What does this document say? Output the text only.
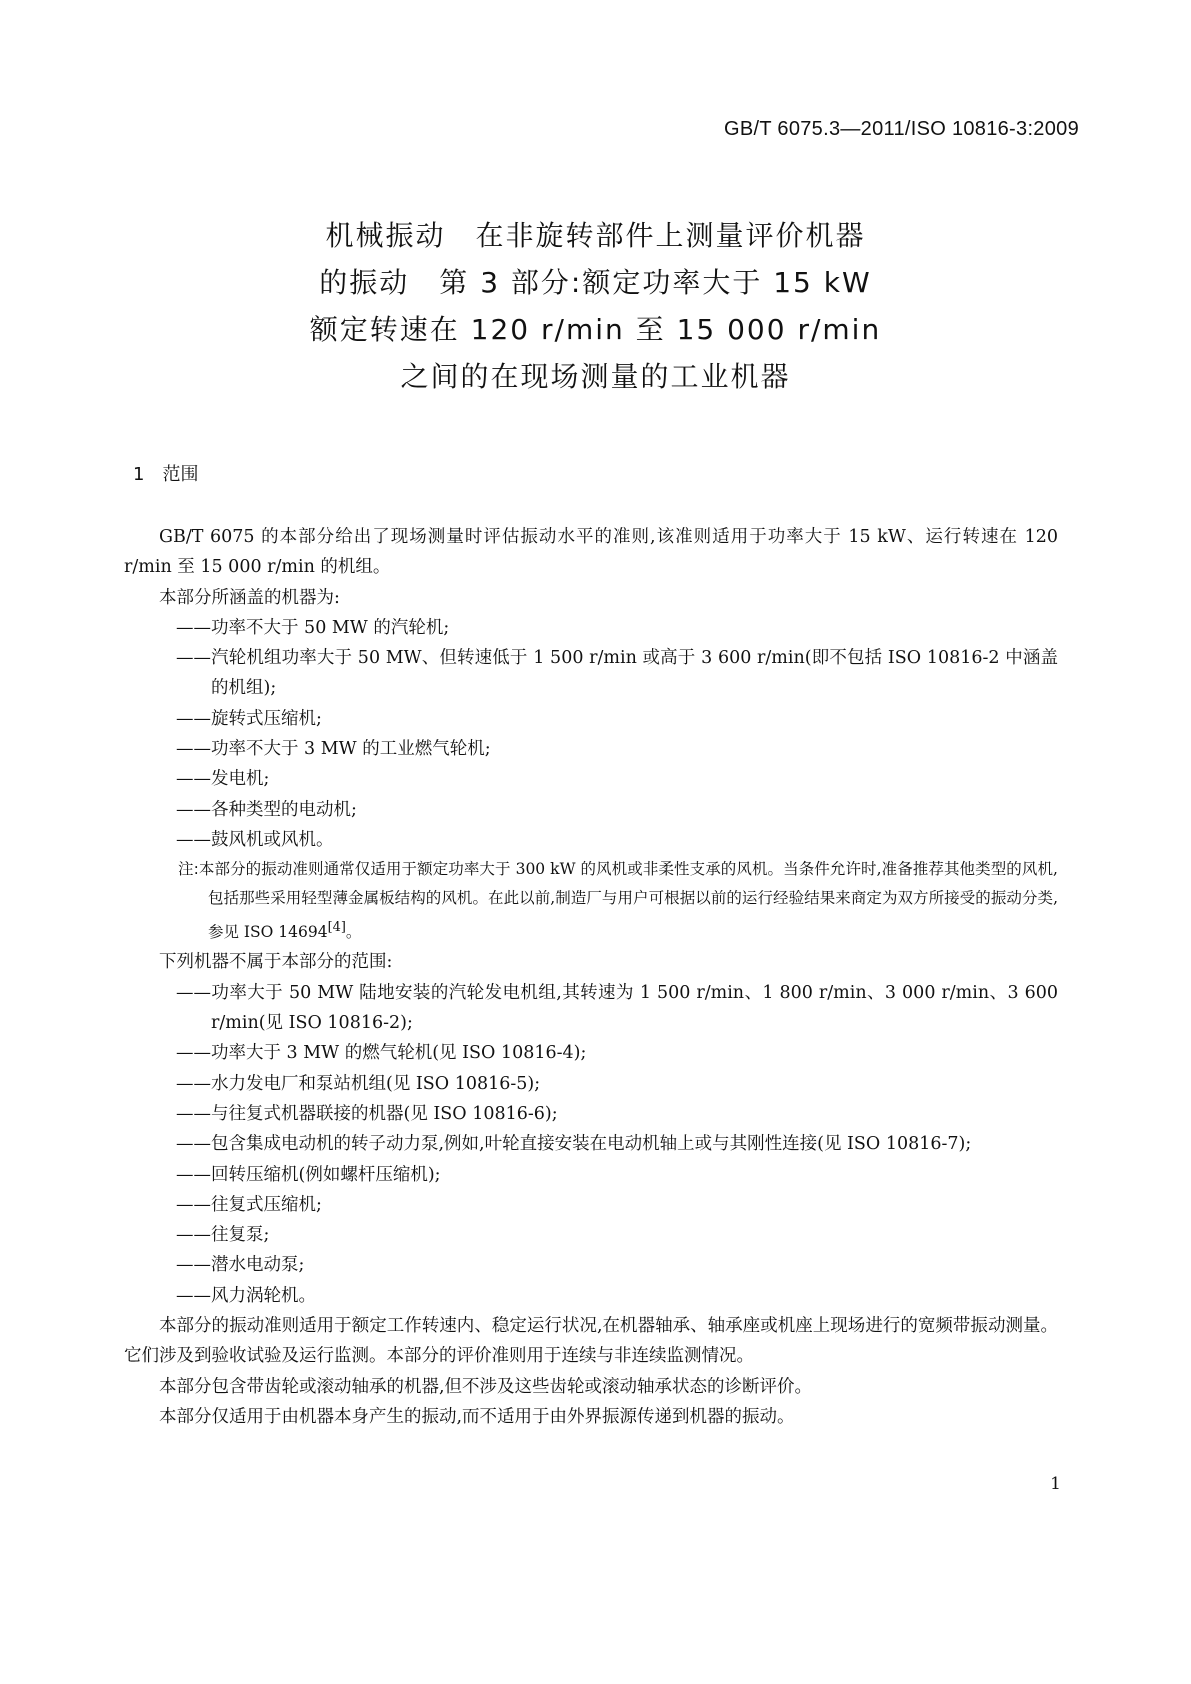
GB/T 6075.3—2011/ISO 10816-3:2009
机械振动　在非旋转部件上测量评价机器
的振动　第 3 部分:额定功率大于 15 kW
额定转速在 120 r/min 至 15 000 r/min
之间的在现场测量的工业机器
1　 范围

GB/T 6075 的本部分给出了现场测量时评估振动水平的准则,该准则适用于功率大于 15 kW、运行转速在 120 r/min 至 15 000 r/min 的机组。

本部分所涵盖的机器为:

——功率不大于 50 MW 的汽轮机;

——汽轮机组功率大于 50 MW、但转速低于 1 500 r/min 或高于 3 600 r/min(即不包括 ISO 10816-2 中涵盖的机组);

——旋转式压缩机;

——功率不大于 3 MW 的工业燃气轮机;

——发电机;

——各种类型的电动机;

——鼓风机或风机。

注:本部分的振动准则通常仅适用于额定功率大于 300 kW 的风机或非柔性支承的风机。当条件允许时,准备推荐其他类型的风机,包括那些采用轻型薄金属板结构的风机。在此以前,制造厂与用户可根据以前的运行经验结果来商定为双方所接受的振动分类,参见 ISO 14694[4]。

下列机器不属于本部分的范围:

——功率大于 50 MW 陆地安装的汽轮发电机组,其转速为 1 500 r/min、1 800 r/min、3 000 r/min、3 600 r/min(见 ISO 10816-2);

——功率大于 3 MW 的燃气轮机(见 ISO 10816-4);

——水力发电厂和泵站机组(见 ISO 10816-5);

——与往复式机器联接的机器(见 ISO 10816-6);

——包含集成电动机的转子动力泵,例如,叶轮直接安装在电动机轴上或与其刚性连接(见 ISO 10816-7);

——回转压缩机(例如螺杆压缩机);

——往复式压缩机;

——往复泵;

——潜水电动泵;

——风力涡轮机。

本部分的振动准则适用于额定工作转速内、稳定运行状况,在机器轴承、轴承座或机座上现场进行的宽频带振动测量。它们涉及到验收试验及运行监测。本部分的评价准则用于连续与非连续监测情况。

本部分包含带齿轮或滚动轴承的机器,但不涉及这些齿轮或滚动轴承状态的诊断评价。

本部分仅适用于由机器本身产生的振动,而不适用于由外界振源传递到机器的振动。

1
